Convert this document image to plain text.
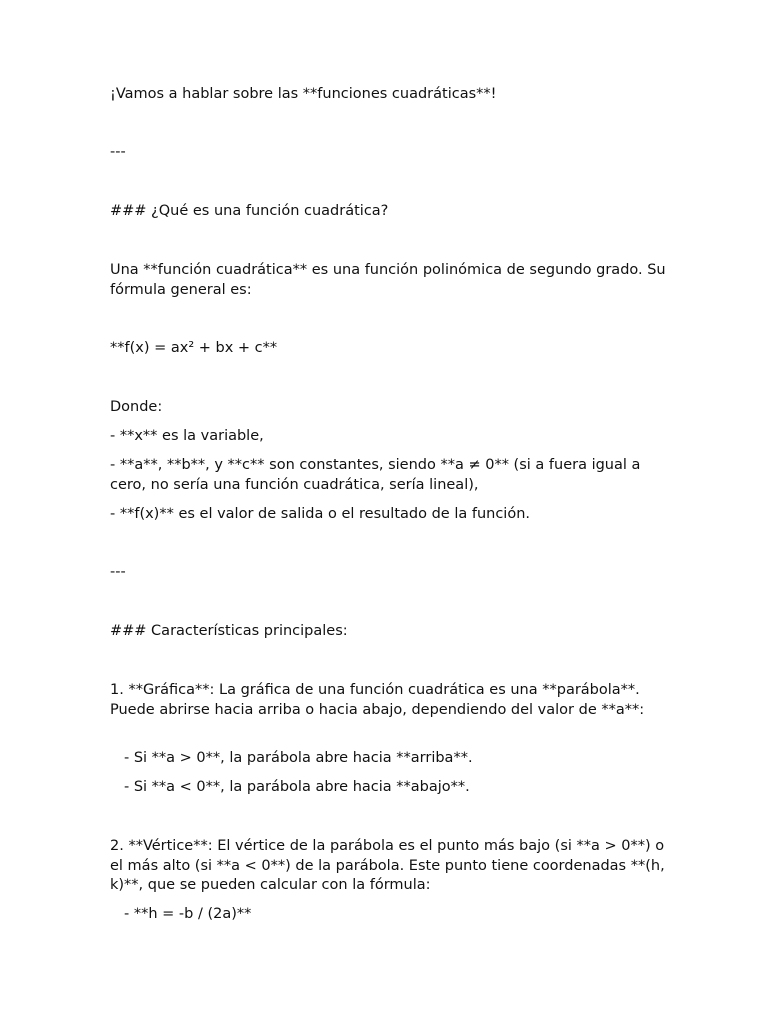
¡Vamos a hablar sobre las **funciones cuadráticas**!
---
### ¿Qué es una función cuadrática?
Una **función cuadrática** es una función polinómica de segundo grado. Su fórmula general es:
**f(x) = ax² + bx + c**
Donde:
- **x** es la variable,
- **a**, **b**, y **c** son constantes, siendo **a ≠ 0** (si a fuera igual a cero, no sería una función cuadrática, sería lineal),
- **f(x)** es el valor de salida o el resultado de la función.
---
### Características principales:
1. **Gráfica**: La gráfica de una función cuadrática es una **parábola**. Puede abrirse hacia arriba o hacia abajo, dependiendo del valor de **a**:
- Si **a > 0**, la parábola abre hacia **arriba**.
- Si **a < 0**, la parábola abre hacia **abajo**.
2. **Vértice**: El vértice de la parábola es el punto más bajo (si **a > 0**) o el más alto (si **a < 0**) de la parábola. Este punto tiene coordenadas **(h, k)**, que se pueden calcular con la fórmula:
- **h = -b / (2a)**
